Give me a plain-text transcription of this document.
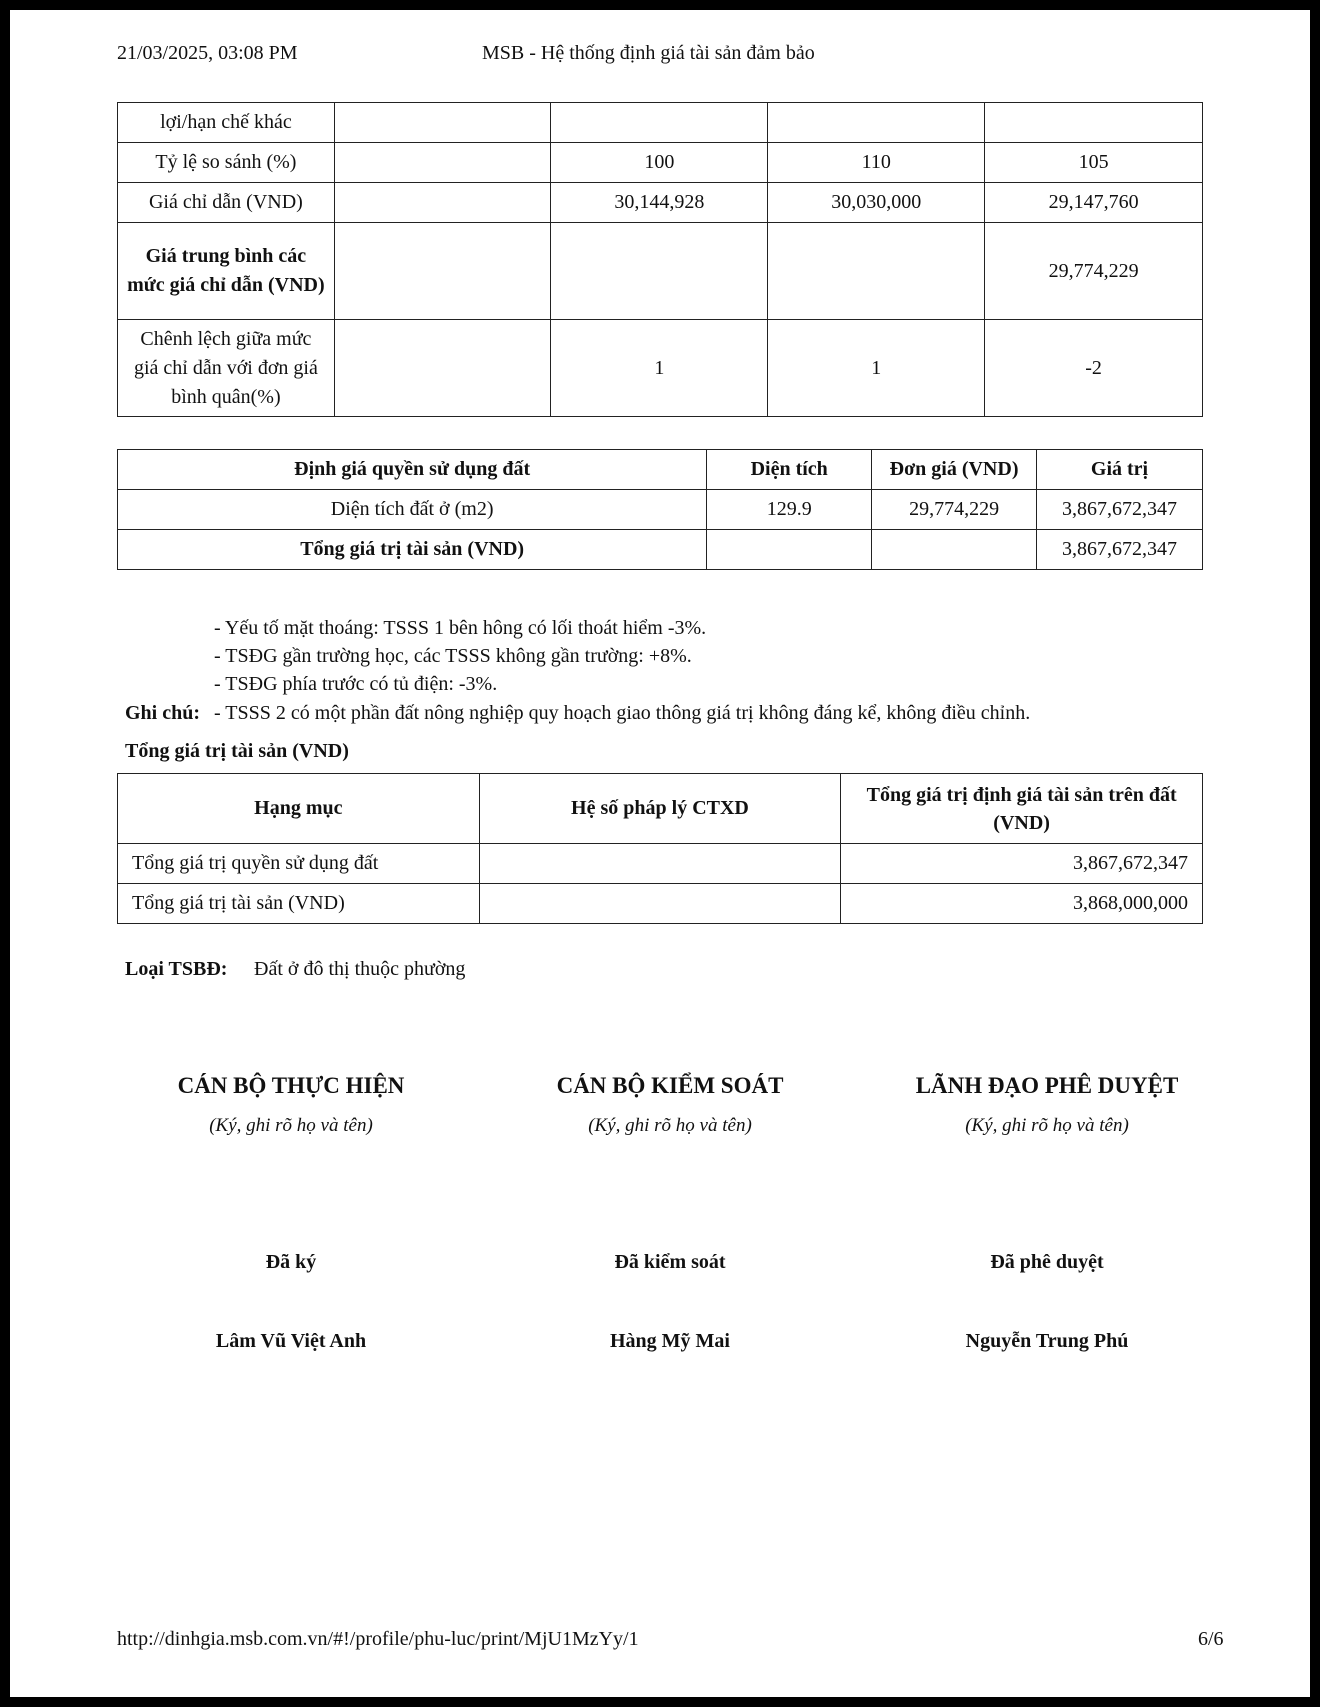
21/03/2025, 03:08 PM	MSB - Hệ thống định giá tài sản đảm bảo
lợi/hạn chế khác				
Tỷ lệ so sánh (%)		100	110	105
Giá chỉ dẫn (VND)		30,144,928	30,030,000	29,147,760
Giá trung bình các mức giá chỉ dẫn (VND)				29,774,229
Chênh lệch giữa mức giá chỉ dẫn với đơn giá bình quân(%)		1	1	-2
Định giá quyền sử dụng đất	Diện tích	Đơn giá (VND)	Giá trị
Diện tích đất ở (m2)	129.9	29,774,229	3,867,672,347
Tổng giá trị tài sản (VND)			3,867,672,347
- Yếu tố mặt thoáng: TSSS 1 bên hông có lối thoát hiểm -3%.
- TSĐG gần trường học, các TSSS không gần trường: +8%.
- TSĐG phía trước có tủ điện: -3%.
Ghi chú: - TSSS 2 có một phần đất nông nghiệp quy hoạch giao thông giá trị không đáng kể, không điều chỉnh.
Tổng giá trị tài sản (VND)
Hạng mục	Hệ số pháp lý CTXD	Tổng giá trị định giá tài sản trên đất (VND)
Tổng giá trị quyền sử dụng đất		3,867,672,347
Tổng giá trị tài sản (VND)		3,868,000,000
Loại TSBĐ: Đất ở đô thị thuộc phường
CÁN BỘ THỰC HIỆN
(Ký, ghi rõ họ và tên)
Đã ký
Lâm Vũ Việt Anh
CÁN BỘ KIỂM SOÁT
(Ký, ghi rõ họ và tên)
Đã kiểm soát
Hàng Mỹ Mai
LÃNH ĐẠO PHÊ DUYỆT
(Ký, ghi rõ họ và tên)
Đã phê duyệt
Nguyễn Trung Phú
http://dinhgia.msb.com.vn/#!/profile/phu-luc/print/MjU1MzYy/1	6/6
